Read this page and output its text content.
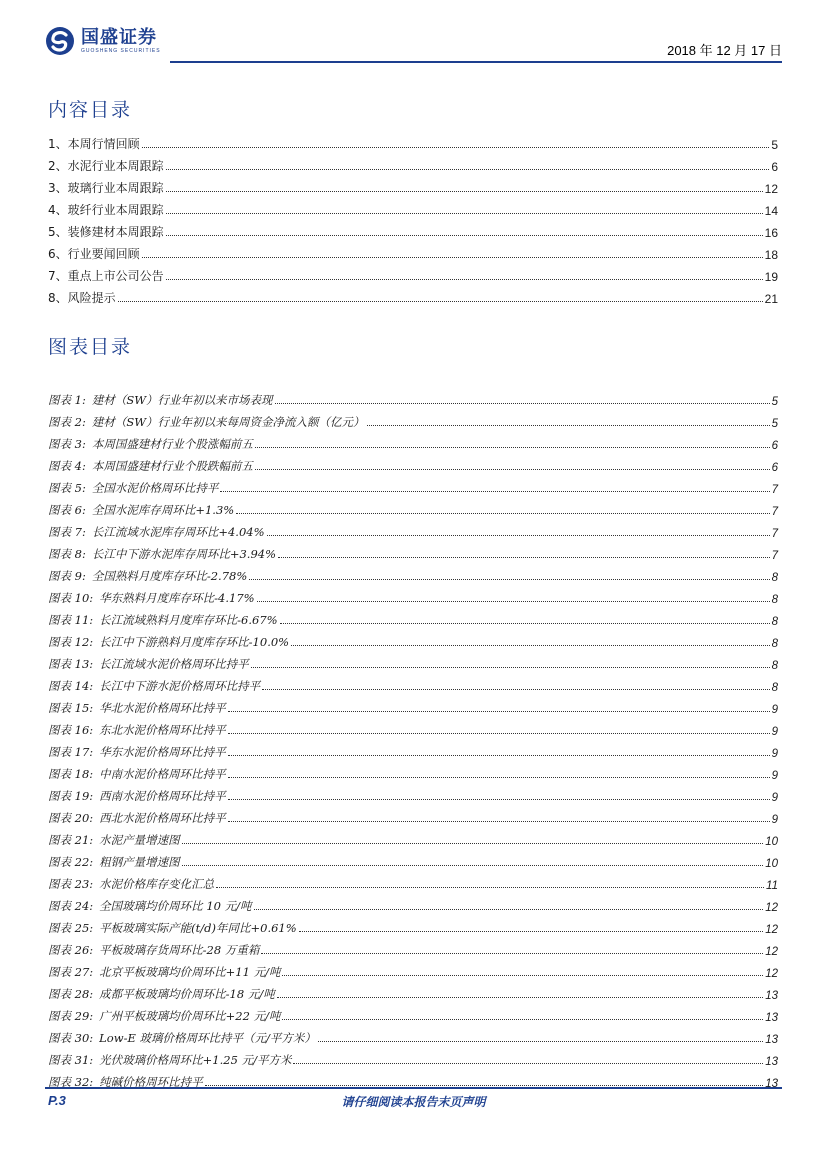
国盛证券
GUOSHENG SECURITIES	2018 年 12 月 17 日
内容目录
1、本周行情回顾	5
2、水泥行业本周跟踪	6
3、玻璃行业本周跟踪	12
4、玻纤行业本周跟踪	14
5、装修建材本周跟踪	16
6、行业要闻回顾	18
7、重点上市公司公告	19
8、风险提示	21
图表目录
图表 1: 建材（SW）行业年初以来市场表现	5
图表 2: 建材（SW）行业年初以来每周资金净流入额（亿元）	5
图表 3: 本周国盛建材行业个股涨幅前五	6
图表 4: 本周国盛建材行业个股跌幅前五	6
图表 5: 全国水泥价格周环比持平	7
图表 6: 全国水泥库存周环比+1.3%	7
图表 7: 长江流域水泥库存周环比+4.04%	7
图表 8: 长江中下游水泥库存周环比+3.94%	7
图表 9: 全国熟料月度库存环比-2.78%	8
图表 10: 华东熟料月度库存环比-4.17%	8
图表 11: 长江流域熟料月度库存环比-6.67%	8
图表 12: 长江中下游熟料月度库存环比-10.0%	8
图表 13: 长江流域水泥价格周环比持平	8
图表 14: 长江中下游水泥价格周环比持平	8
图表 15: 华北水泥价格周环比持平	9
图表 16: 东北水泥价格周环比持平	9
图表 17: 华东水泥价格周环比持平	9
图表 18: 中南水泥价格周环比持平	9
图表 19: 西南水泥价格周环比持平	9
图表 20: 西北水泥价格周环比持平	9
图表 21: 水泥产量增速图	10
图表 22: 粗钢产量增速图	10
图表 23: 水泥价格库存变化汇总	11
图表 24: 全国玻璃均价周环比 10 元/吨	12
图表 25: 平板玻璃实际产能(t/d)年同比+0.61%	12
图表 26: 平板玻璃存货周环比-28 万重箱	12
图表 27: 北京平板玻璃均价周环比+11 元/吨	12
图表 28: 成都平板玻璃均价周环比-18 元/吨	13
图表 29: 广州平板玻璃均价周环比+22 元/吨	13
图表 30: Low-E 玻璃价格周环比持平（元/平方米）	13
图表 31: 光伏玻璃价格周环比+1.25 元/平方米	13
图表 32: 纯碱价格周环比持平	13
P.3	请仔细阅读本报告末页声明
